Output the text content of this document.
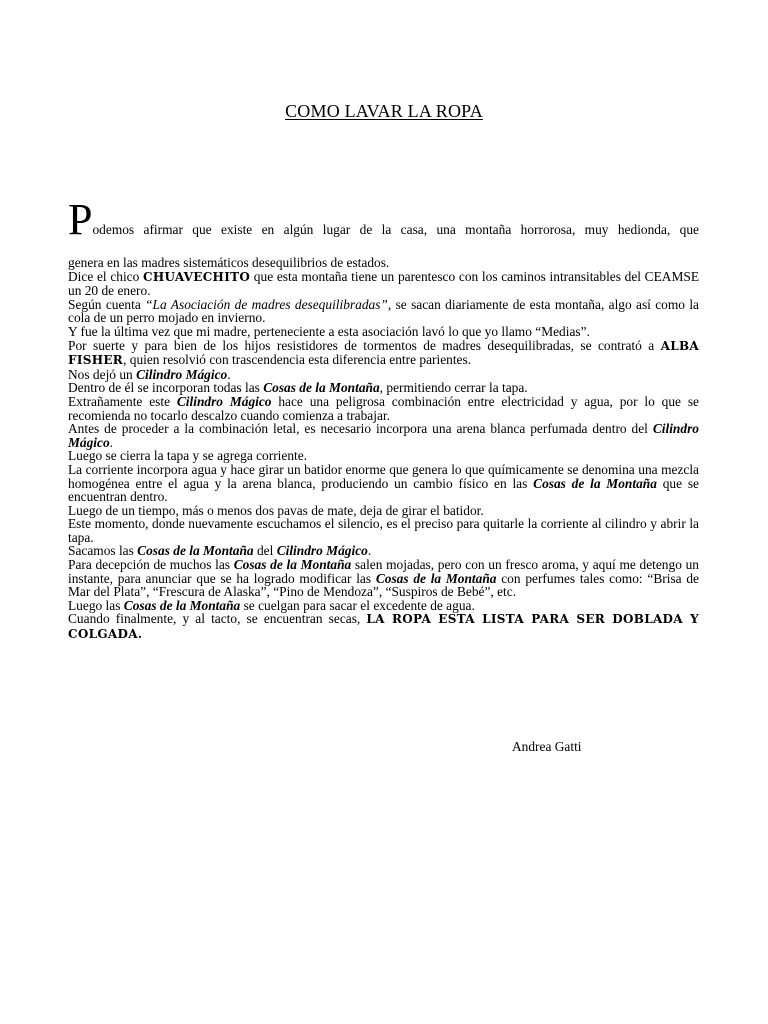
COMO LAVAR LA ROPA
Podemos afirmar que existe en algún lugar de la casa, una montaña horrorosa, muy hedionda, que
genera en las madres sistemáticos desequilibrios de estados.

Dice el chico CHUAVECHITO que esta montaña tiene un parentesco con los caminos intransitables del CEAMSE un 20 de enero.

Según cuenta “La Asociación de madres desequilibradas”, se sacan diariamente de esta montaña, algo así como la cola de un perro mojado en invierno.

Y fue la última vez que mi madre, perteneciente a esta asociación lavó lo que yo llamo “Medias”.

Por suerte y para bien de los hijos resistidores de tormentos de madres desequilibradas, se contrató a ALBA FISHER, quien resolvió con trascendencia esta diferencia entre parientes.

Nos dejó un Cilindro Mágico.

Dentro de él se incorporan todas las Cosas de la Montaña, permitiendo cerrar la tapa.

Extrañamente este Cilindro Mágico hace una peligrosa combinación entre electricidad y agua, por lo que se recomienda no tocarlo descalzo cuando comienza a trabajar.

Antes de proceder a la combinación letal, es necesario incorpora una arena blanca perfumada dentro del Cilindro Mágico.

Luego se cierra la tapa y se agrega corriente.

La corriente incorpora agua y hace girar un batidor enorme que genera lo que químicamente se denomina una mezcla homogénea entre el agua y la arena blanca, produciendo un cambio físico en las Cosas de la Montaña que se encuentran dentro.

Luego de un tiempo, más o menos dos pavas de mate, deja de girar el batidor.

Este momento, donde nuevamente escuchamos el silencio, es el preciso para quitarle la corriente al cilindro y abrir la tapa.

Sacamos las Cosas de la Montaña del Cilindro Mágico.

Para decepción de muchos las Cosas de la Montaña salen mojadas, pero con un fresco aroma, y aquí me detengo un instante, para anunciar que se ha logrado modificar las Cosas de la Montaña con perfumes tales como: “Brisa de Mar del Plata”, “Frescura de Alaska”, “Pino de Mendoza”, “Suspiros de Bebé”, etc.

Luego las Cosas de la Montaña se cuelgan para sacar el excedente de agua.

Cuando finalmente, y al tacto, se encuentran secas, LA ROPA ESTA LISTA PARA SER DOBLADA Y COLGADA.

Andrea Gatti
